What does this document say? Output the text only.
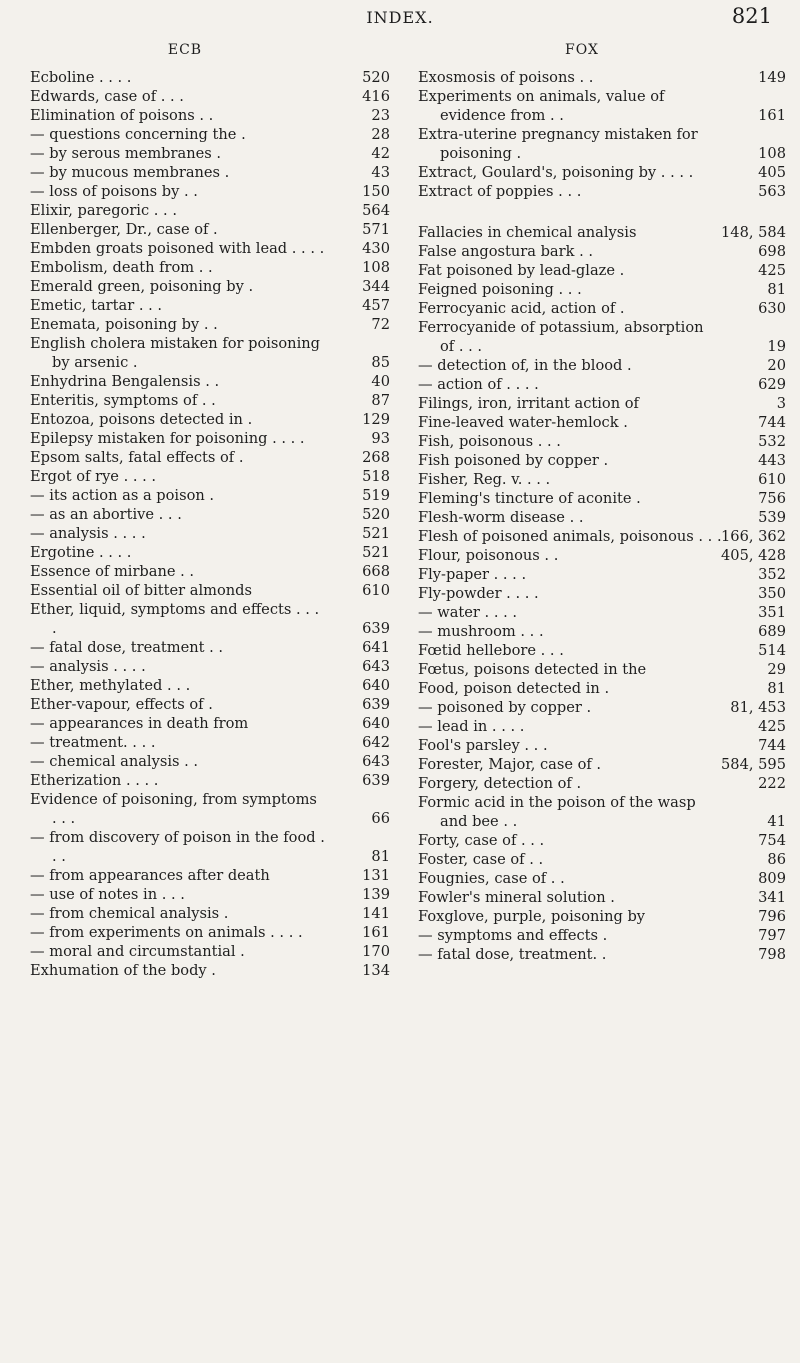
INDEX.	821
ECB
Ecboline . . . .	520
Edwards, case of . . .	416
Elimination of poisons . .	23
— questions concerning the .	28
— by serous membranes .	42
— by mucous membranes .	43
— loss of poisons by . .	150
Elixir, paregoric . . .	564
Ellenberger, Dr., case of .	571
Embden groats poisoned with lead . . . .	430
Embolism, death from . .	108
Emerald green, poisoning by .	344
Emetic, tartar . . .	457
Enemata, poisoning by . .	72
English cholera mistaken for poisoning by arsenic .	85
Enhydrina Bengalensis . .	40
Enteritis, symptoms of . .	87
Entozoa, poisons detected in .	129
Epilepsy mistaken for poisoning . . . .	93
Epsom salts, fatal effects of .	268
Ergot of rye . . . .	518
— its action as a poison .	519
— as an abortive . . .	520
— analysis . . . .	521
Ergotine . . . .	521
Essence of mirbane . .	668
Essential oil of bitter almonds	610
Ether, liquid, symptoms and effects . . . .	639
— fatal dose, treatment . .	641
— analysis . . . .	643
Ether, methylated . . .	640
Ether-vapour, effects of .	639
— appearances in death from	640
— treatment. . . .	642
— chemical analysis . .	643
Etherization . . . .	639
Evidence of poisoning, from symptoms . . .	66
— from discovery of poison in the food . . .	81
— from appearances after death	131
— use of notes in . . .	139
— from chemical analysis .	141
— from experiments on animals . . . .	161
— moral and circumstantial .	170
Exhumation of the body .	134
FOX
Exosmosis of poisons . .	149
Experiments on animals, value of evidence from . .	161
Extra-uterine pregnancy mistaken for poisoning .	108
Extract, Goulard's, poisoning by . . . .	405
Extract of poppies . . .	563
Fallacies in chemical analysis	148, 584
False angostura bark . .	698
Fat poisoned by lead-glaze .	425
Feigned poisoning . . .	81
Ferrocyanic acid, action of .	630
Ferrocyanide of potassium, absorption of . . .	19
— detection of, in the blood .	20
— action of . . . .	629
Filings, iron, irritant action of	3
Fine-leaved water-hemlock .	744
Fish, poisonous . . .	532
Fish poisoned by copper .	443
Fisher, Reg. v. . . .	610
Fleming's tincture of aconite .	756
Flesh-worm disease . .	539
Flesh of poisoned animals, poisonous . . . 166, 362
Flour, poisonous . .	405, 428
Fly-paper . . . .	352
Fly-powder . . . .	350
— water . . . .	351
— mushroom . . .	689
Fœtid hellebore . . .	514
Fœtus, poisons detected in the	29
Food, poison detected in .	81
— poisoned by copper .	81, 453
— lead in . . . .	425
Fool's parsley . . .	744
Forester, Major, case of .	584, 595
Forgery, detection of .	222
Formic acid in the poison of the wasp and bee . .	41
Forty, case of . . .	754
Foster, case of . .	86
Fougnies, case of . .	809
Fowler's mineral solution .	341
Foxglove, purple, poisoning by	796
— symptoms and effects .	797
— fatal dose, treatment. .	798
